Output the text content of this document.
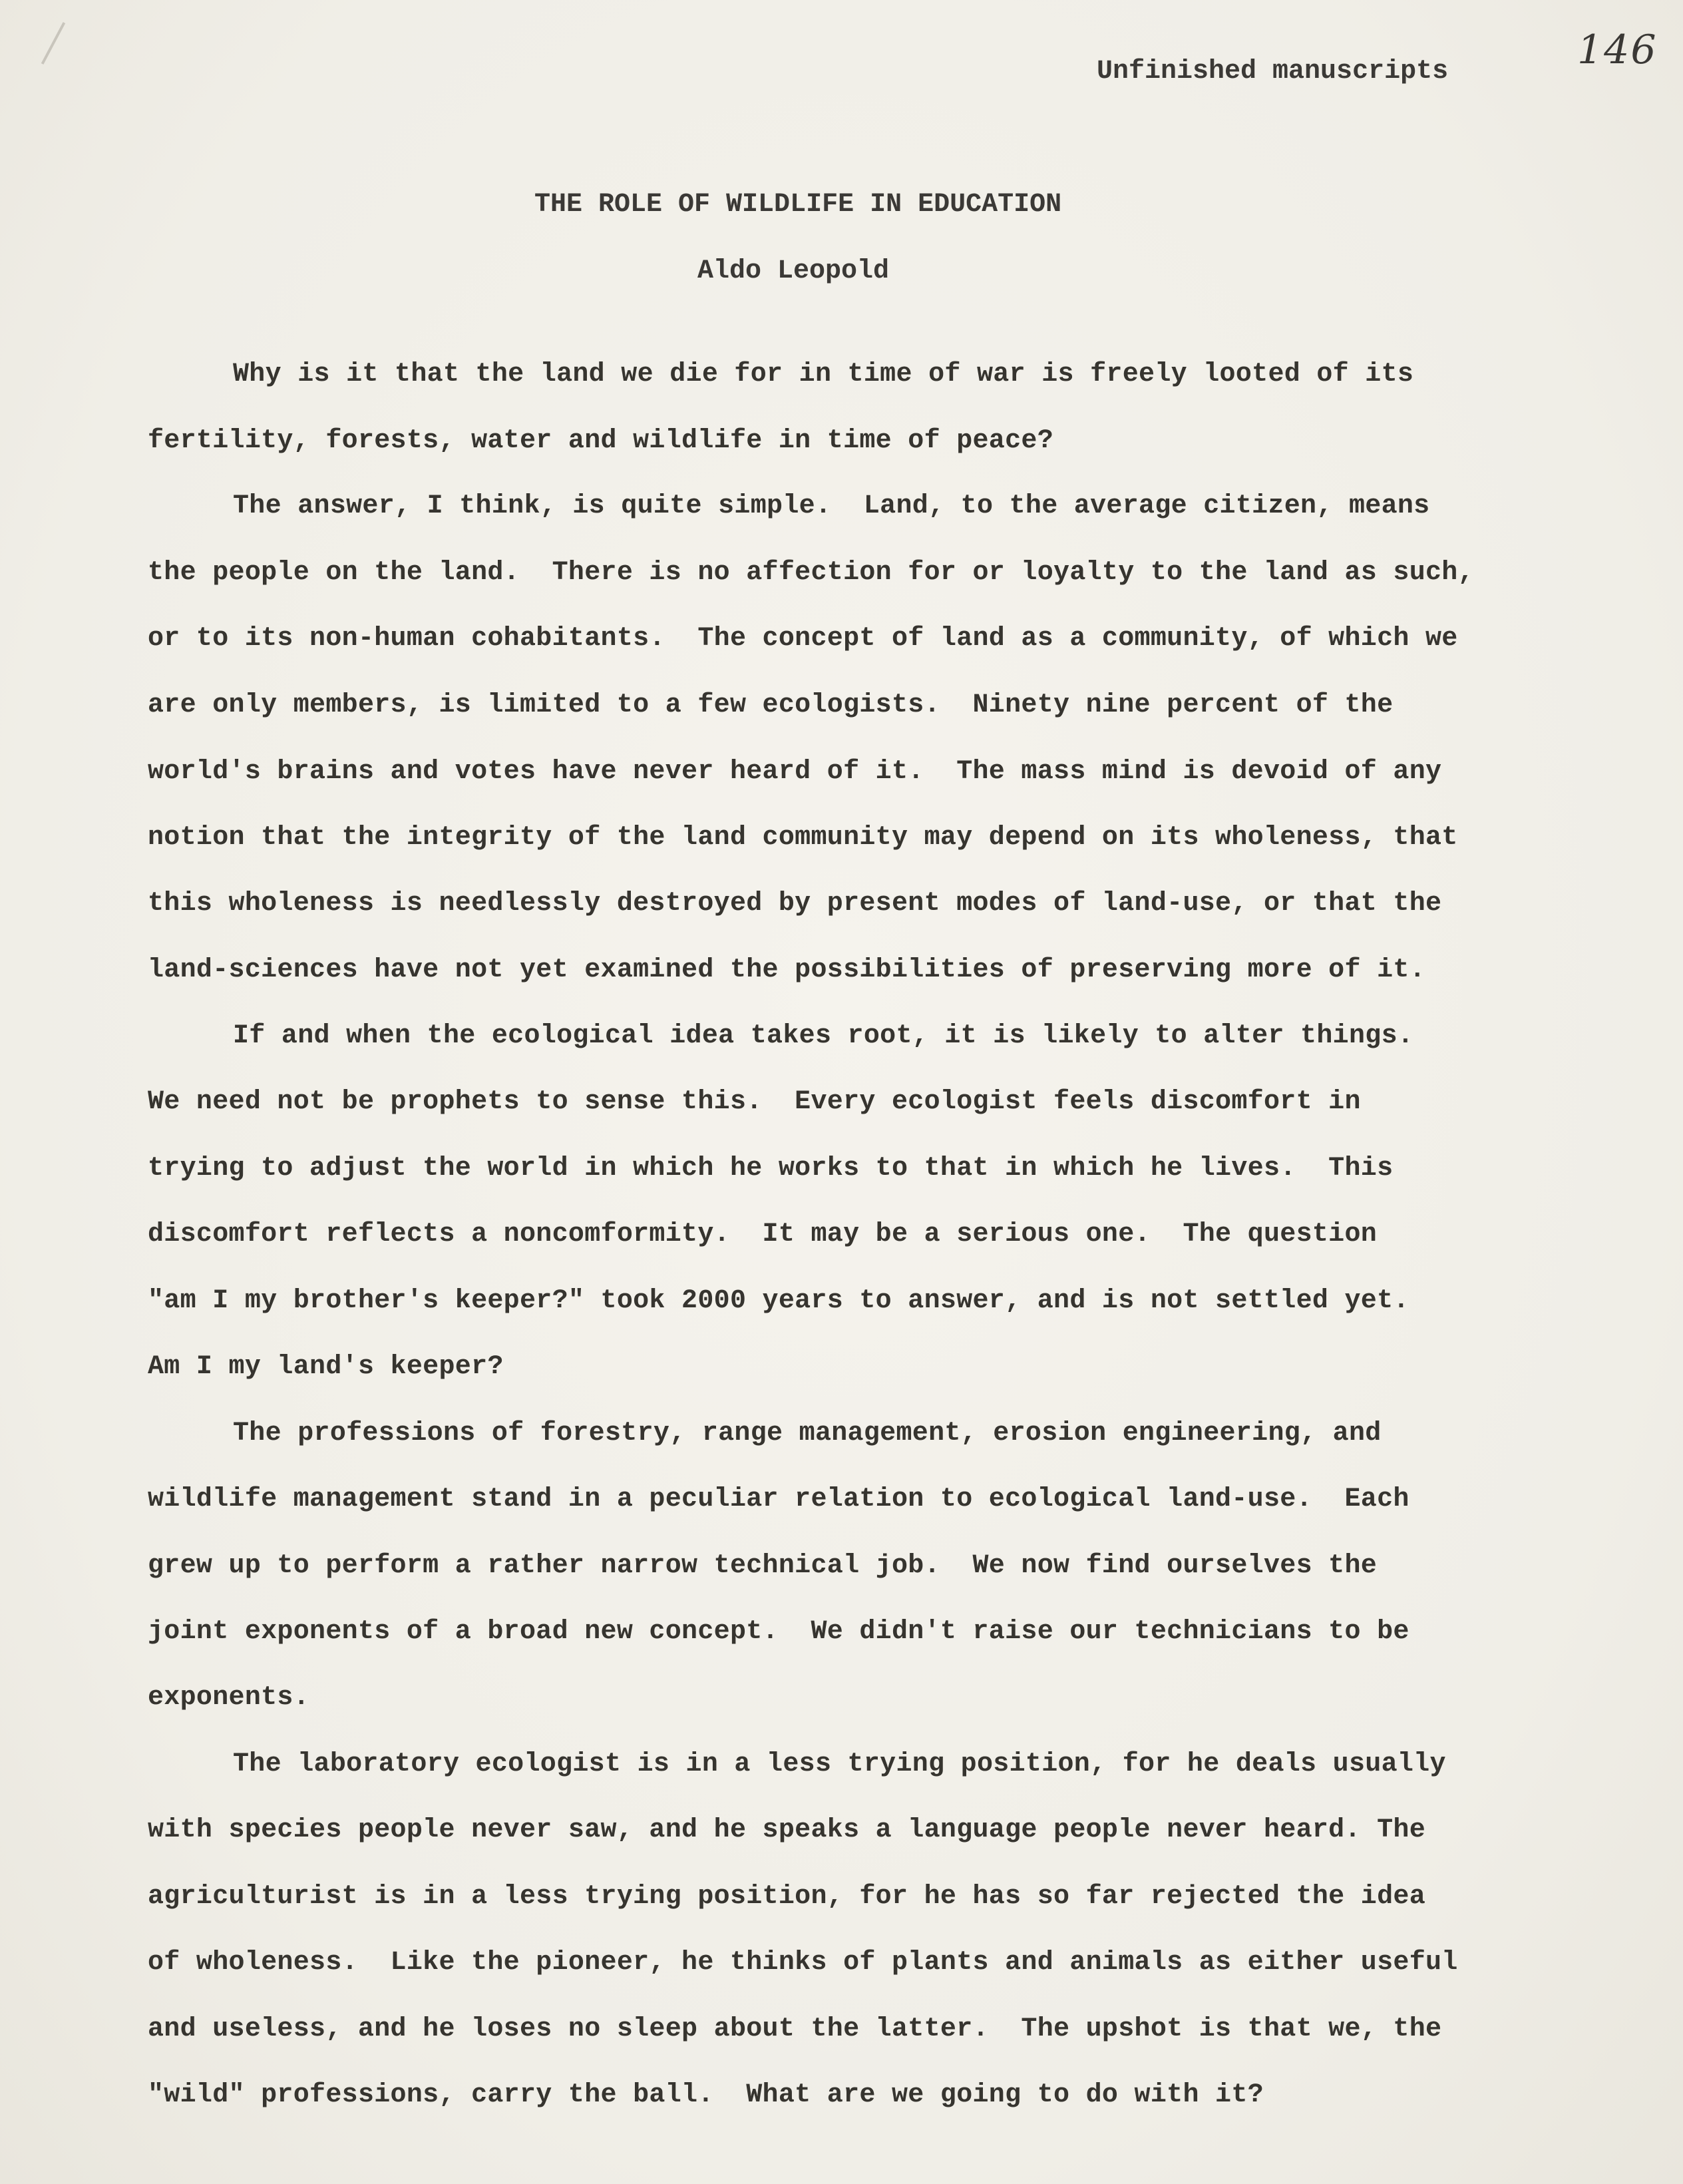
146
Unfinished manuscripts
THE ROLE OF WILDLIFE IN EDUCATION
Aldo Leopold
Why is it that the land we die for in time of war is freely looted of its
fertility, forests, water and wildlife in time of peace?
The answer, I think, is quite simple.  Land, to the average citizen, means
the people on the land.  There is no affection for or loyalty to the land as such,
or to its non-human cohabitants.  The concept of land as a community, of which we
are only members, is limited to a few ecologists.  Ninety nine percent of the
world's brains and votes have never heard of it.  The mass mind is devoid of any
notion that the integrity of the land community may depend on its wholeness, that
this wholeness is needlessly destroyed by present modes of land-use, or that the
land-sciences have not yet examined the possibilities of preserving more of it.
If and when the ecological idea takes root, it is likely to alter things.
We need not be prophets to sense this.  Every ecologist feels discomfort in
trying to adjust the world in which he works to that in which he lives.  This
discomfort reflects a noncomformity.  It may be a serious one.  The question
"am I my brother's keeper?" took 2000 years to answer, and is not settled yet.
Am I my land's keeper?
The professions of forestry, range management, erosion engineering, and
wildlife management stand in a peculiar relation to ecological land-use.  Each
grew up to perform a rather narrow technical job.  We now find ourselves the
joint exponents of a broad new concept.  We didn't raise our technicians to be
exponents.
The laboratory ecologist is in a less trying position, for he deals usually
with species people never saw, and he speaks a language people never heard. The
agriculturist is in a less trying position, for he has so far rejected the idea
of wholeness.  Like the pioneer, he thinks of plants and animals as either useful
and useless, and he loses no sleep about the latter.  The upshot is that we, the
"wild" professions, carry the ball.  What are we going to do with it?
